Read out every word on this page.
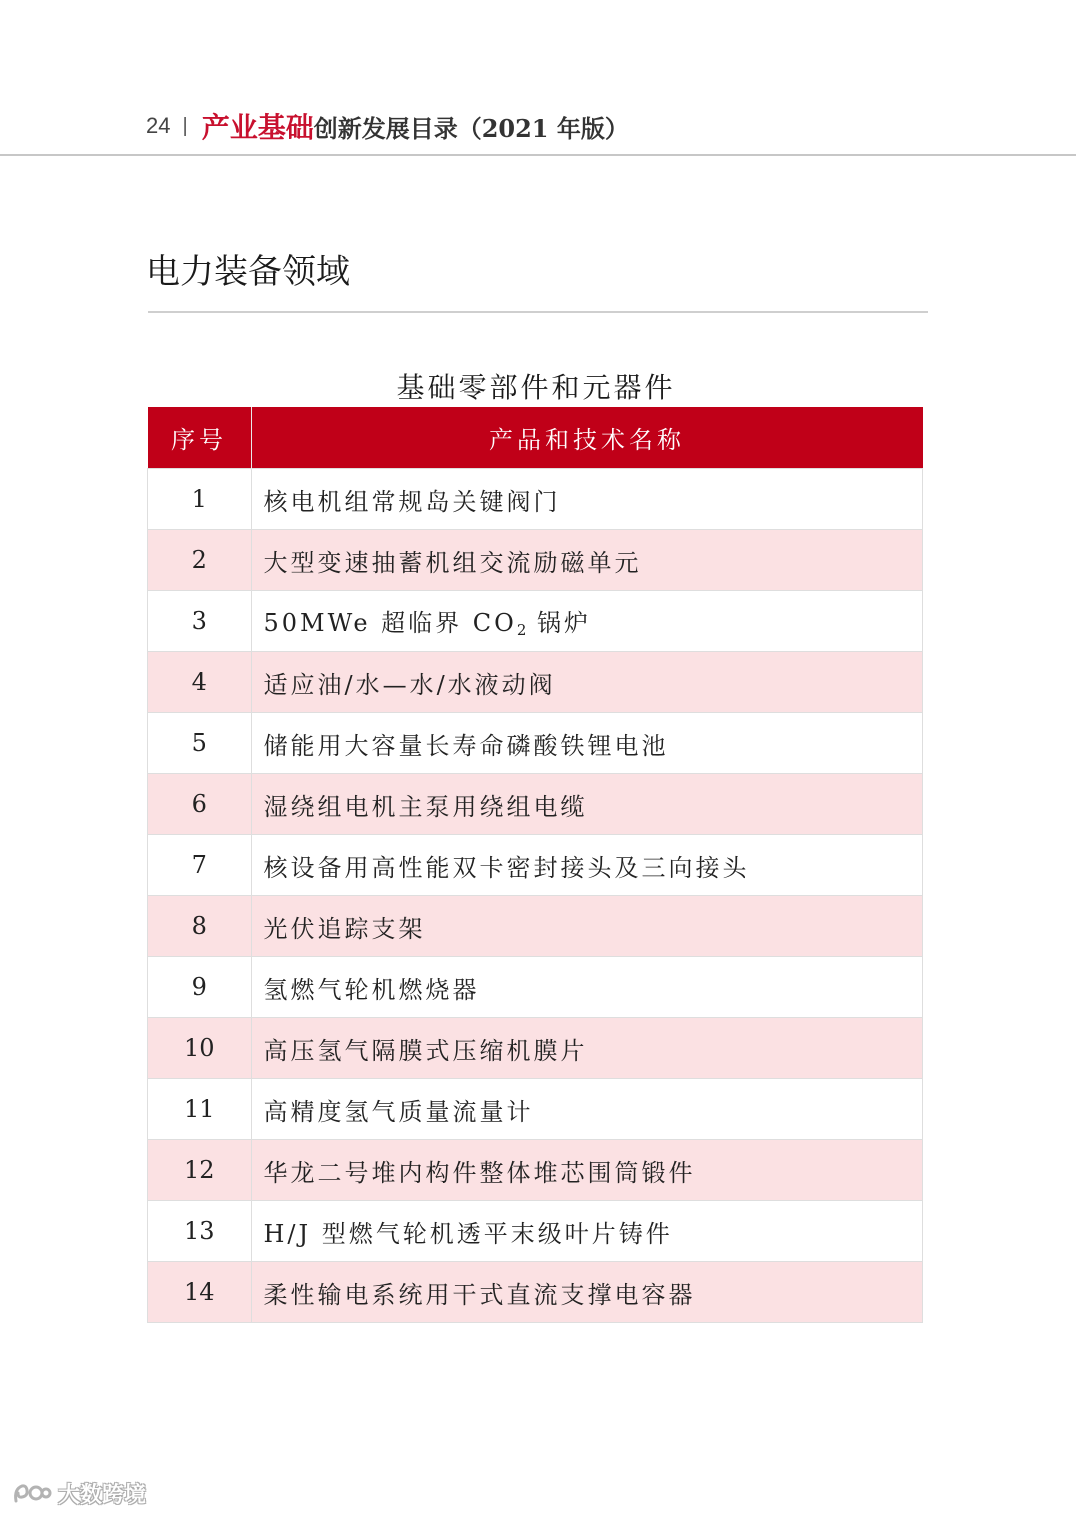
24 | 产业基础 创新发展目录（2021 年版）
电力装备领域
基础零部件和元器件
序号	产品和技术名称
1	核电机组常规岛关键阀门
2	大型变速抽蓄机组交流励磁单元
3	50MWe 超临界 $CO_2$ 锅炉
4	适应油/水—水/水液动阀
5	储能用大容量长寿命磷酸铁锂电池
6	湿绕组电机主泵用绕组电缆
7	核设备用高性能双卡密封接头及三向接头
8	光伏追踪支架
9	氢燃气轮机燃烧器
10	高压氢气隔膜式压缩机膜片
11	高精度氢气质量流量计
12	华龙二号堆内构件整体堆芯围筒锻件
13	H/J 型燃气轮机透平末级叶片铸件
14	柔性输电系统用干式直流支撑电容器
大数跨境
